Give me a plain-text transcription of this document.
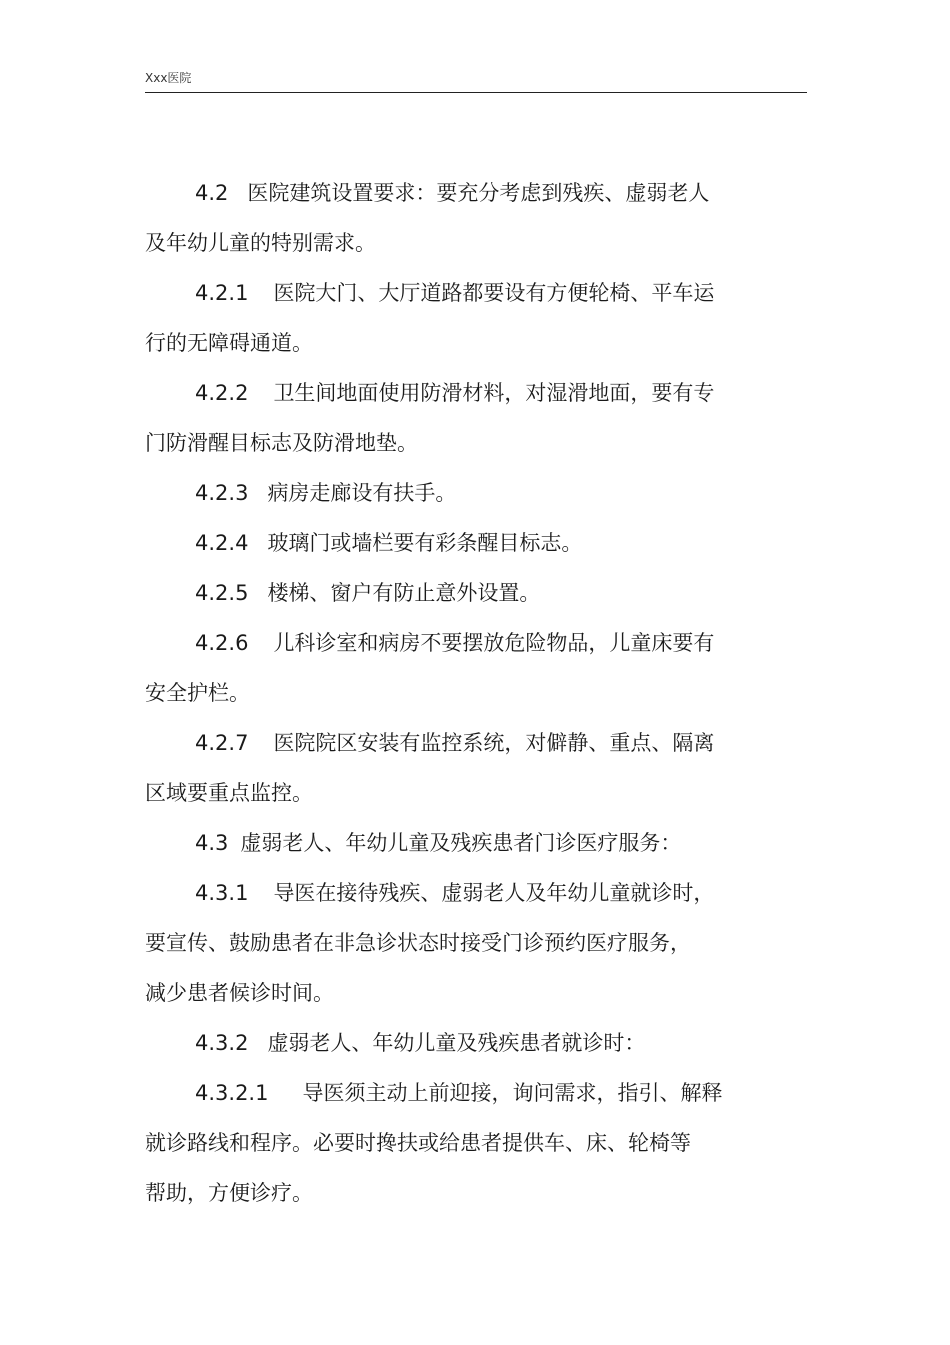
Xxx医院
4.2 医院建筑设置要求：要充分考虑到残疾、虚弱老人
及年幼儿童的特别需求。
4.2.1 医院大门、大厅道路都要设有方便轮椅、平车运
行的无障碍通道。
4.2.2 卫生间地面使用防滑材料，对湿滑地面，要有专
门防滑醒目标志及防滑地垫。
4.2.3 病房走廊设有扶手。
4.2.4 玻璃门或墙栏要有彩条醒目标志。
4.2.5 楼梯、窗户有防止意外设置。
4.2.6 儿科诊室和病房不要摆放危险物品，儿童床要有
安全护栏。
4.2.7 医院院区安装有监控系统，对僻静、重点、隔离
区域要重点监控。
4.3 虚弱老人、年幼儿童及残疾患者门诊医疗服务：
4.3.1 导医在接待残疾、虚弱老人及年幼儿童就诊时，
要宣传、鼓励患者在非急诊状态时接受门诊预约医疗服务，
减少患者候诊时间。
4.3.2 虚弱老人、年幼儿童及残疾患者就诊时：
4.3.2.1 导医须主动上前迎接，询问需求，指引、解释
就诊路线和程序。必要时搀扶或给患者提供车、床、轮椅等
帮助，方便诊疗。
